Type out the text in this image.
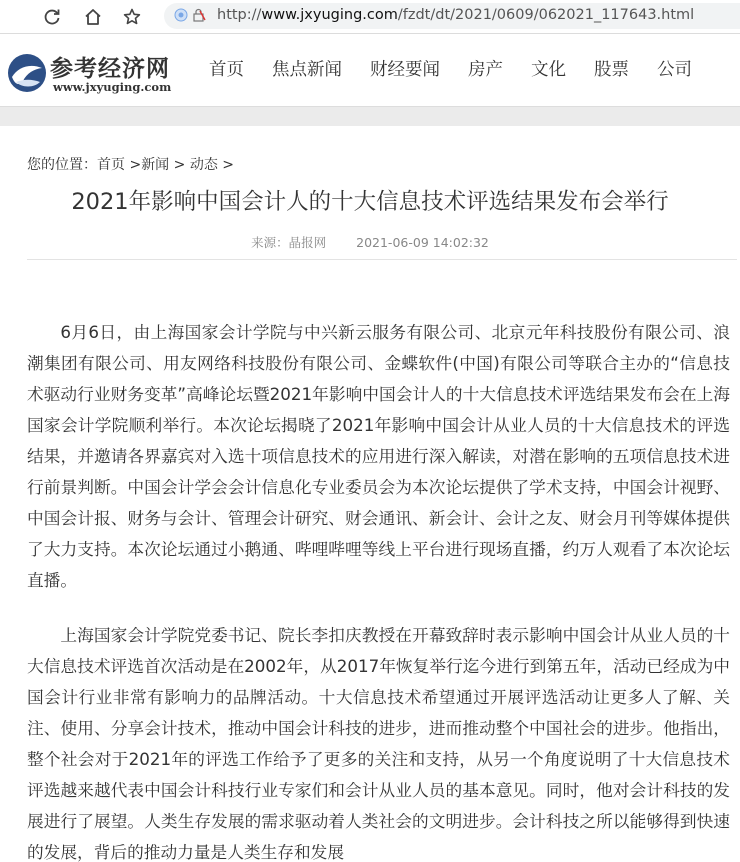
http://www.jxyuging.com/fzdt/dt/2021/0609/062021_117643.html
参考经济网
www.jxyuging.com
首页 焦点新闻 财经要闻 房产 文化 股票 公司
您的位置：首页 >新闻 > 动态 >
2021年影响中国会计人的十大信息技术评选结果发布会举行
来源：晶报网 2021-06-09 14:02:32

6月6日，由上海国家会计学院与中兴新云服务有限公司、北京元年科技股份有限公司、浪潮集团有限公司、用友网络科技股份有限公司、金蝶软件(中国)有限公司等联合主办的“信息技术驱动行业财务变革”高峰论坛暨2021年影响中国会计人的十大信息技术评选结果发布会在上海国家会计学院顺利举行。本次论坛揭晓了2021年影响中国会计从业人员的十大信息技术的评选结果，并邀请各界嘉宾对入选十项信息技术的应用进行深入解读，对潜在影响的五项信息技术进行前景判断。中国会计学会会计信息化专业委员会为本次论坛提供了学术支持，中国会计视野、中国会计报、财务与会计、管理会计研究、财会通讯、新会计、会计之友、财会月刊等媒体提供了大力支持。本次论坛通过小鹅通、哔哩哔哩等线上平台进行现场直播，约万人观看了本次论坛直播。

上海国家会计学院党委书记、院长李扣庆教授在开幕致辞时表示影响中国会计从业人员的十大信息技术评选首次活动是在2002年，从2017年恢复举行迄今进行到第五年，活动已经成为中国会计行业非常有影响力的品牌活动。十大信息技术希望通过开展评选活动让更多人了解、关注、使用、分享会计技术，推动中国会计科技的进步，进而推动整个中国社会的进步。他指出，整个社会对于2021年的评选工作给予了更多的关注和支持，从另一个角度说明了十大信息技术评选越来越代表中国会计科技行业专家们和会计从业人员的基本意见。同时，他对会计科技的发展进行了展望。人类生存发展的需求驱动着人类社会的文明进步。会计科技之所以能够得到快速的发展，背后的推动力量是人类生存和发展
